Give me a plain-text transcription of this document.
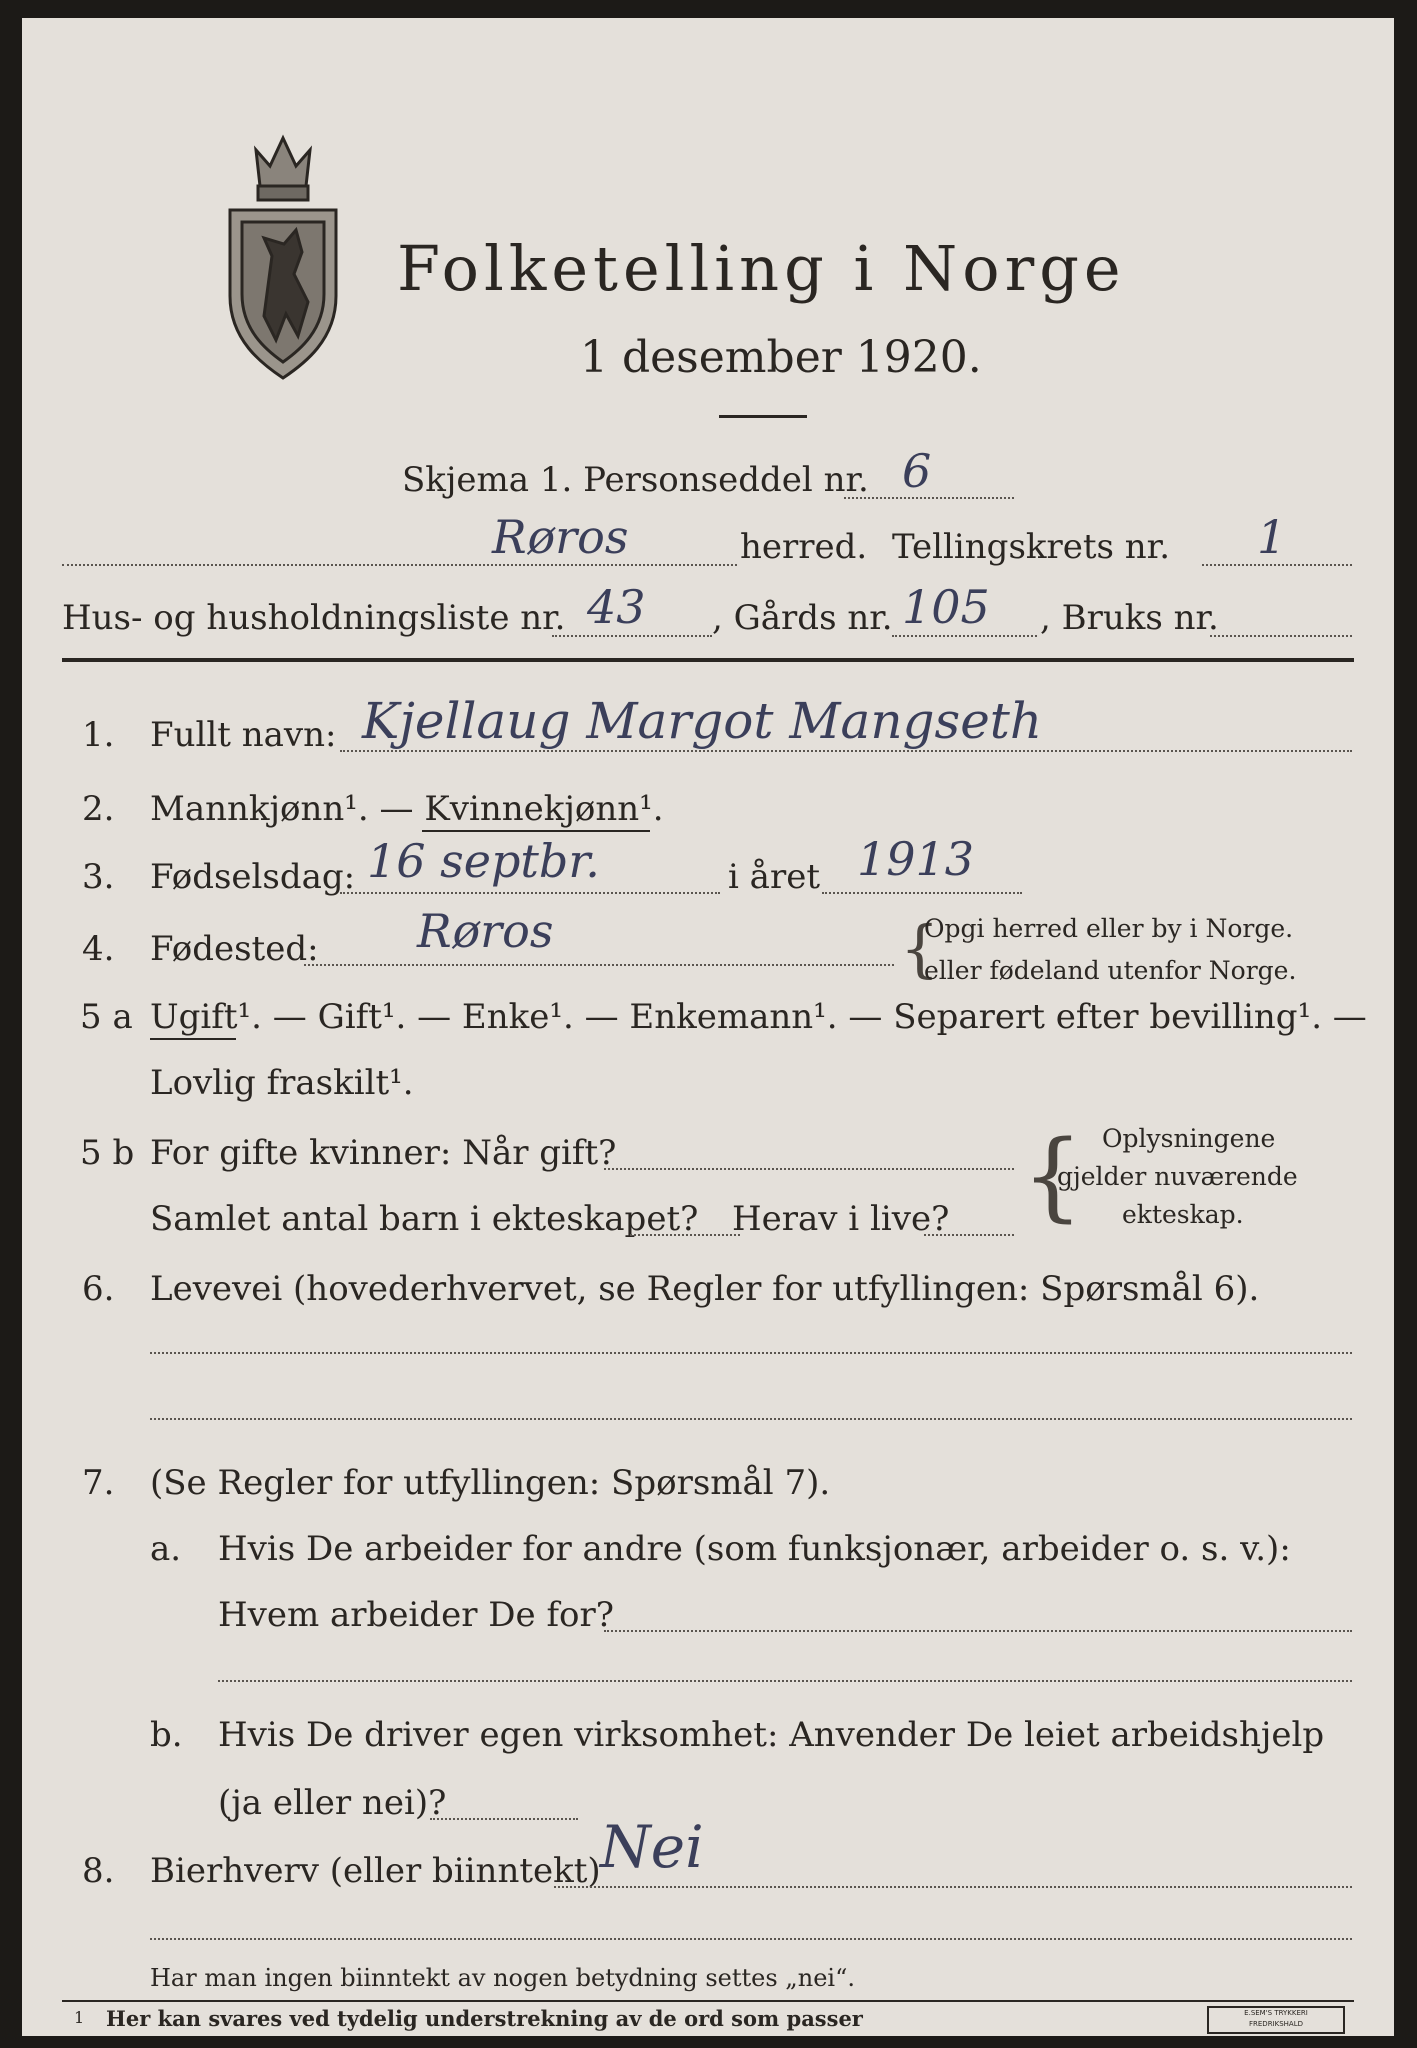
Folketelling i Norge
1 desember 1920.
Skjema 1. Personseddel nr. 6
Røros	herred. Tellingskrets nr. 1
Hus- og husholdningsliste nr. 43 , Gårds nr. 105 , Bruks nr.
1. Fullt navn: Kjellaug Margot Mangseth
2. Mannkjønn¹. — Kvinnekjønn¹.
3. Fødselsdag: 16 septbr.	i året 1913
4. Fødested: Røros	{
Opgi herred eller by i Norge.
eller fødeland utenfor Norge.
5 a Ugift¹. — Gift¹. — Enke¹. — Enkemann¹. — Separert efter bevilling¹. —
Lovlig fraskilt¹.
5 b For gifte kvinner: Når gift?
Samlet antal barn i ekteskapet? Herav i live? { Oplysningene
gjelder nuværende
ekteskap.
6. Levevei (hovederhvervet, se Regler for utfyllingen: Spørsmål 6).
7. (Se Regler for utfyllingen: Spørsmål 7).
a. Hvis De arbeider for andre (som funksjonær, arbeider o. s. v.):
Hvem arbeider De for?
b. Hvis De driver egen virksomhet: Anvender De leiet arbeidshjelp
(ja eller nei)?
8. Bierhverv (eller biinntekt) Nei
Har man ingen biinntekt av nogen betydning settes „nei“.
1 Her kan svares ved tydelig understrekning av de ord som passer	E.SEM'S TRYKKERI
FREDRIKSHALD
